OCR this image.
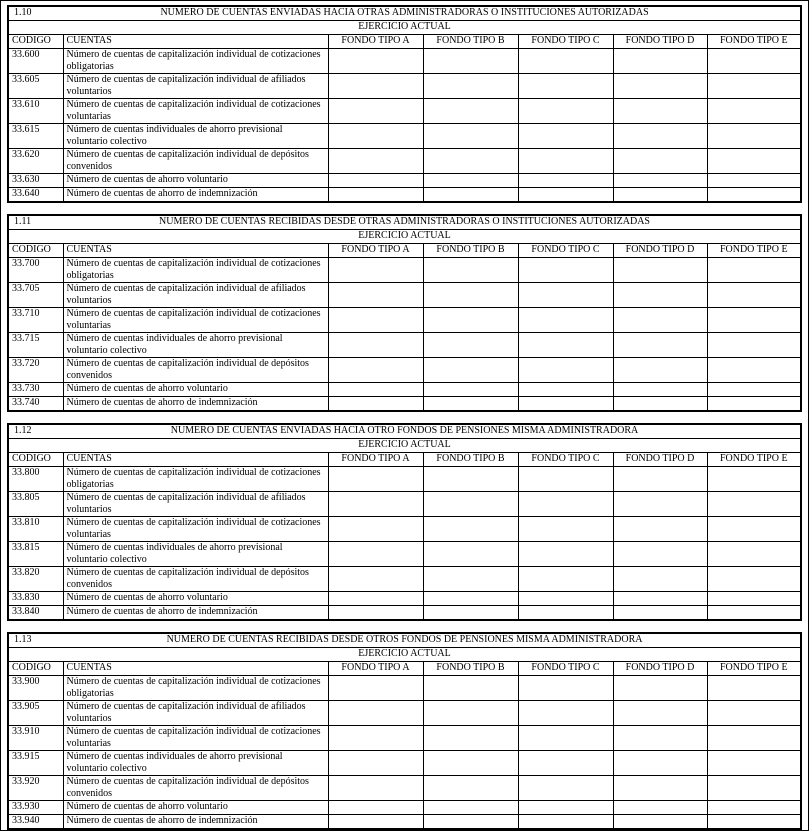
1.10 NUMERO DE CUENTAS ENVIADAS HACIA OTRAS ADMINISTRADORAS O INSTITUCIONES AUTORIZADAS						
EJERCICIO ACTUAL						
CODIGO	CUENTAS	FONDO TIPO A	FONDO TIPO B	FONDO TIPO C	FONDO TIPO D	FONDO TIPO E
33.600	Número de cuentas de capitalización individual de cotizaciones obligatorias					
33.605	Número de cuentas de capitalización individual de afiliados voluntarios					
33.610	Número de cuentas de capitalización individual de cotizaciones voluntarias					
33.615	Número de cuentas individuales de ahorro previsional voluntario colectivo					
33.620	Número de cuentas de capitalización individual de depósitos convenidos					
33.630	Número de cuentas de ahorro voluntario					
33.640	Número de cuentas de ahorro de indemnización					
1.11 NUMERO DE CUENTAS RECIBIDAS DESDE OTRAS ADMINISTRADORAS O INSTITUCIONES AUTORIZADAS						
EJERCICIO ACTUAL						
CODIGO	CUENTAS	FONDO TIPO A	FONDO TIPO B	FONDO TIPO C	FONDO TIPO D	FONDO TIPO E
33.700	Número de cuentas de capitalización individual de cotizaciones obligatorias					
33.705	Número de cuentas de capitalización individual de afiliados voluntarios					
33.710	Número de cuentas de capitalización individual de cotizaciones voluntarias					
33.715	Número de cuentas individuales de ahorro previsional voluntario colectivo					
33.720	Número de cuentas de capitalización individual de depósitos convenidos					
33.730	Número de cuentas de ahorro voluntario					
33.740	Número de cuentas de ahorro de indemnización					
1.12 NUMERO DE CUENTAS ENVIADAS HACIA OTRO FONDOS DE PENSIONES MISMA ADMINISTRADORA						
EJERCICIO ACTUAL						
CODIGO	CUENTAS	FONDO TIPO A	FONDO TIPO B	FONDO TIPO C	FONDO TIPO D	FONDO TIPO E
33.800	Número de cuentas de capitalización individual de cotizaciones obligatorias					
33.805	Número de cuentas de capitalización individual de afiliados voluntarios					
33.810	Número de cuentas de capitalización individual de cotizaciones voluntarias					
33.815	Número de cuentas individuales de ahorro previsional voluntario colectivo					
33.820	Número de cuentas de capitalización individual de depósitos convenidos					
33.830	Número de cuentas de ahorro voluntario					
33.840	Número de cuentas de ahorro de indemnización					
1.13 NUMERO DE CUENTAS RECIBIDAS DESDE OTROS FONDOS DE PENSIONES MISMA ADMINISTRADORA						
EJERCICIO ACTUAL						
CODIGO	CUENTAS	FONDO TIPO A	FONDO TIPO B	FONDO TIPO C	FONDO TIPO D	FONDO TIPO E
33.900	Número de cuentas de capitalización individual de cotizaciones obligatorias					
33.905	Número de cuentas de capitalización individual de afiliados voluntarios					
33.910	Número de cuentas de capitalización individual de cotizaciones voluntarias					
33.915	Número de cuentas individuales de ahorro previsional voluntario colectivo					
33.920	Número de cuentas de capitalización individual de depósitos convenidos					
33.930	Número de cuentas de ahorro voluntario					
33.940	Número de cuentas de ahorro de indemnización					
